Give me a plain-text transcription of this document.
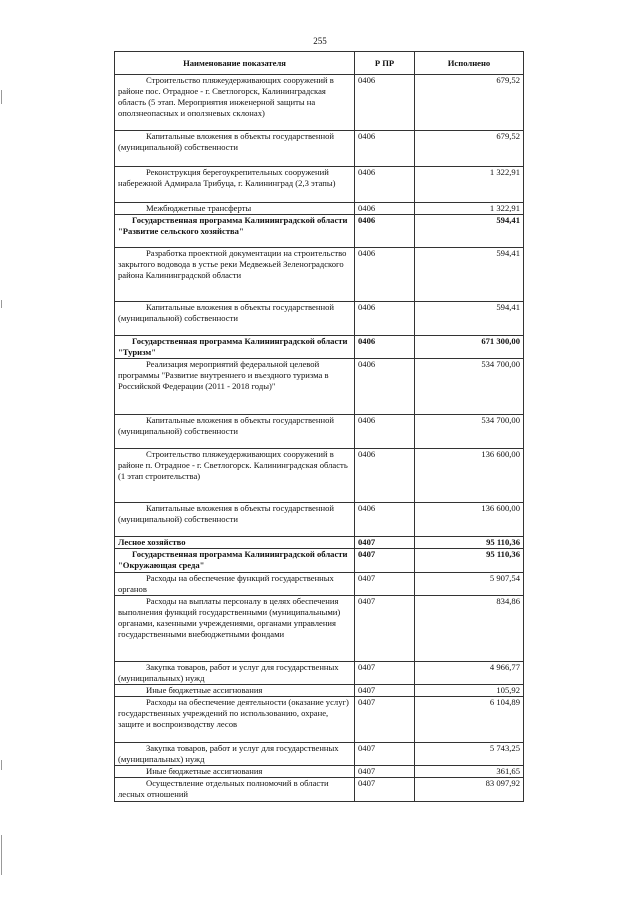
255
Наименование показателя	Р ПР	Исполнено
Строительство пляжеудерживающих сооружений в районе пос. Отрадное - г. Светлогорск, Калининградская область (5 этап. Мероприятия инженерной защиты на оползнеопасных и оползневых склонах)	0406	679,52
Капитальные вложения в объекты государственной (муниципальной) собственности	0406	679,52
Реконструкция берегоукрепительных сооружений набережной Адмирала Трибуца, г. Калининград (2,3 этапы)	0406	1 322,91
Межбюджетные трансферты	0406	1 322,91
Государственная программа Калининградской области "Развитие сельского хозяйства"	0406	594,41
Разработка проектной документации на строительство закрытого водовода в устье реки Медвежьей Зеленоградского района Калининградской области	0406	594,41
Капитальные вложения в объекты государственной (муниципальной) собственности	0406	594,41
Государственная программа Калининградской области "Туризм"	0406	671 300,00
Реализация мероприятий федеральной целевой программы "Развитие внутреннего и въездного туризма в Российской Федерации (2011 - 2018 годы)"	0406	534 700,00
Капитальные вложения в объекты государственной (муниципальной) собственности	0406	534 700,00
Строительство пляжеудерживающих сооружений в районе п. Отрадное - г. Светлогорск. Калининградская область (1 этап строительства)	0406	136 600,00
Капитальные вложения в объекты государственной (муниципальной) собственности	0406	136 600,00
Лесное хозяйство	0407	95 110,36
Государственная программа Калининградской области "Окружающая среда"	0407	95 110,36
Расходы на обеспечение функций государственных органов	0407	5 907,54
Расходы на выплаты персоналу в целях обеспечения выполнения функций государственными (муниципальными) органами, казенными учреждениями, органами управления государственными внебюджетными фондами	0407	834,86
Закупка товаров, работ и услуг для государственных (муниципальных) нужд	0407	4 966,77
Иные бюджетные ассигнования	0407	105,92
Расходы на обеспечение деятельности (оказание услуг) государственных учреждений по использованию, охране, защите и воспроизводству лесов	0407	6 104,89
Закупка товаров, работ и услуг для государственных (муниципальных) нужд	0407	5 743,25
Иные бюджетные ассигнования	0407	361,65
Осуществление отдельных полномочий в области лесных отношений	0407	83 097,92
